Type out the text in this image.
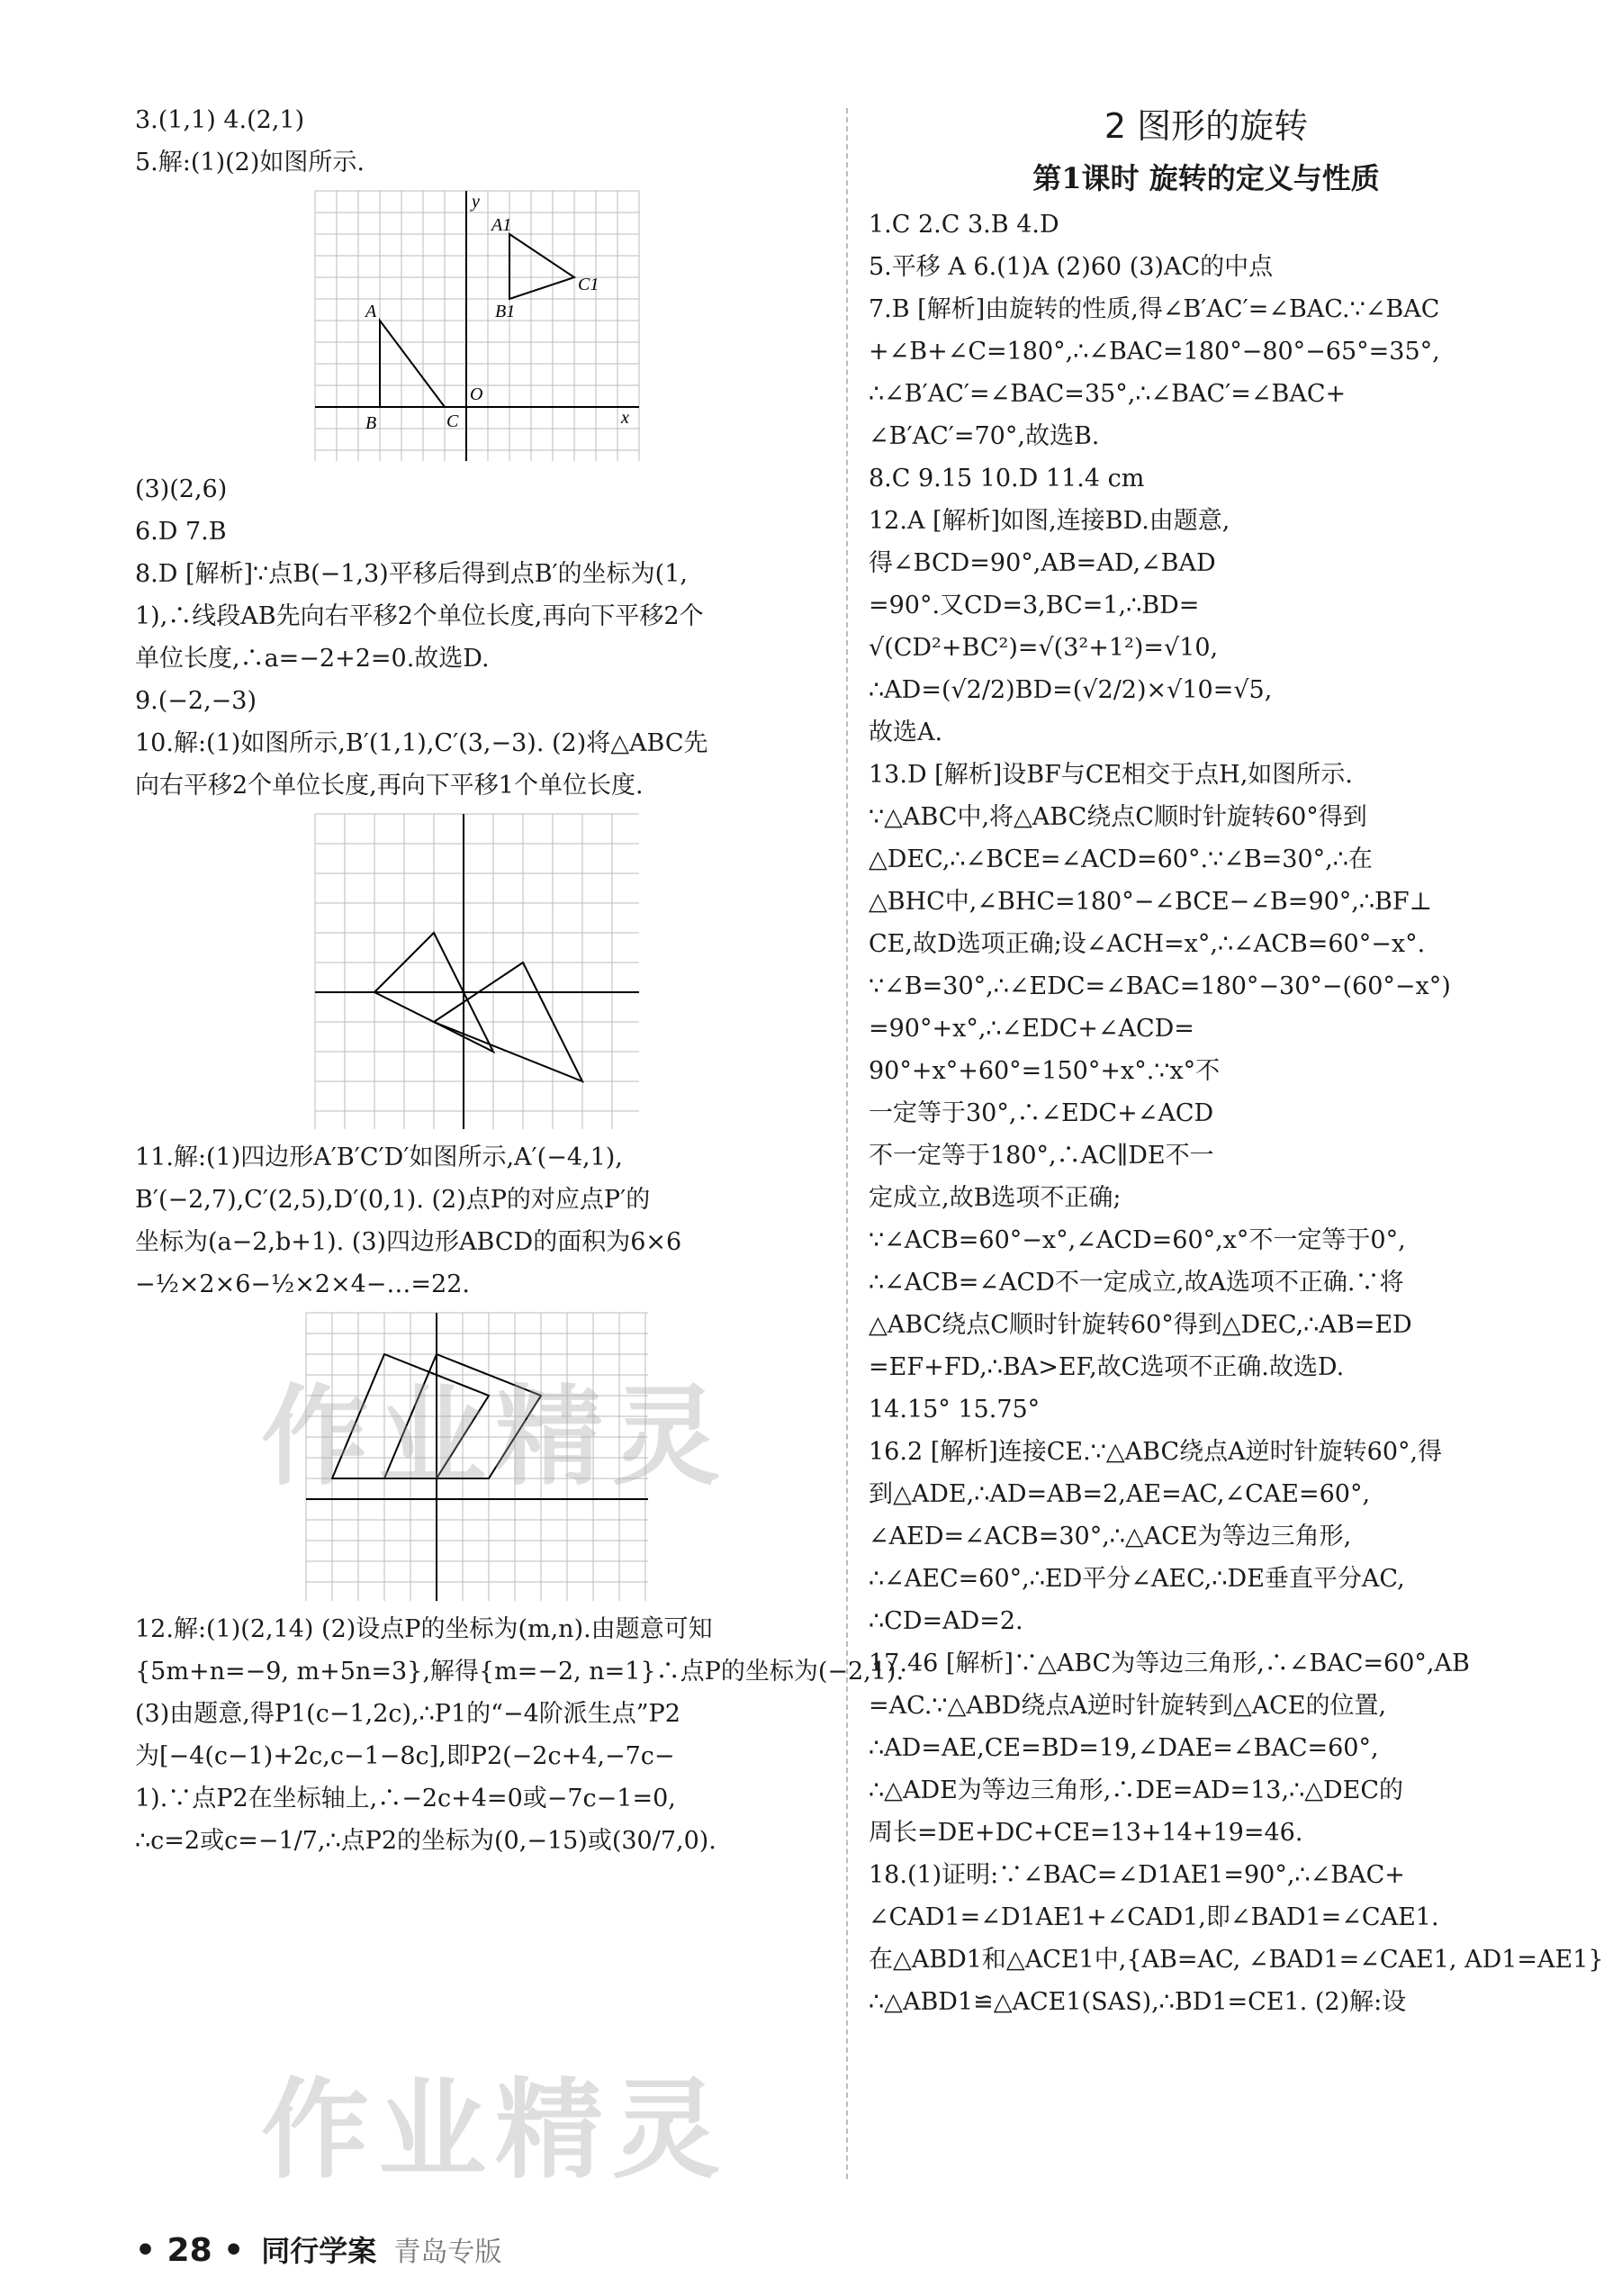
3.(1,1) 4.(2,1)
5.解:(1)(2)如图所示.
A
B	C
O
A1
B1
C1
x
y
(3)(2,6)
6.D 7.B
8.D [解析]∵点B(−1,3)平移后得到点B′的坐标为(1,
1),∴线段AB先向右平移2个单位长度,再向下平移2个
单位长度,∴a=−2+2=0.故选D.
9.(−2,−3)
10.解:(1)如图所示,B′(1,1),C′(3,−3). (2)将△ABC先
向右平移2个单位长度,再向下平移1个单位长度.
11.解:(1)四边形A′B′C′D′如图所示,A′(−4,1),
B′(−2,7),C′(2,5),D′(0,1). (2)点P的对应点P′的
坐标为(a−2,b+1). (3)四边形ABCD的面积为6×6
−½×2×6−½×2×4−…=22.
12.解:(1)(2,14) (2)设点P的坐标为(m,n).由题意可知
{5m+n=−9, m+5n=3},解得{m=−2, n=1}∴点P的坐标为(−2,1).
(3)由题意,得P1(c−1,2c),∴P1的“−4阶派生点”P2
为[−4(c−1)+2c,c−1−8c],即P2(−2c+4,−7c−
1).∵点P2在坐标轴上,∴−2c+4=0或−7c−1=0,
∴c=2或c=−1/7,∴点P2的坐标为(0,−15)或(30/7,0).
2 图形的旋转
第1课时 旋转的定义与性质
1.C 2.C 3.B 4.D
5.平移 A 6.(1)A (2)60 (3)AC的中点
7.B [解析]由旋转的性质,得∠B′AC′=∠BAC.∵∠BAC
+∠B+∠C=180°,∴∠BAC=180°−80°−65°=35°,
∴∠B′AC′=∠BAC=35°,∴∠BAC′=∠BAC+
∠B′AC′=70°,故选B.
8.C 9.15 10.D 11.4 cm
12.A [解析]如图,连接BD.由题意,
得∠BCD=90°,AB=AD,∠BAD
=90°.又CD=3,BC=1,∴BD=
√(CD²+BC²)=√(3²+1²)=√10,
∴AD=(√2/2)BD=(√2/2)×√10=√5,
故选A.
13.D [解析]设BF与CE相交于点H,如图所示.
∵△ABC中,将△ABC绕点C顺时针旋转60°得到
△DEC,∴∠BCE=∠ACD=60°.∵∠B=30°,∴在
△BHC中,∠BHC=180°−∠BCE−∠B=90°,∴BF⊥
CE,故D选项正确;设∠ACH=x°,∴∠ACB=60°−x°.
∵∠B=30°,∴∠EDC=∠BAC=180°−30°−(60°−x°)
=90°+x°,∴∠EDC+∠ACD=
90°+x°+60°=150°+x°.∵x°不
一定等于30°,∴∠EDC+∠ACD
不一定等于180°,∴AC∥DE不一
定成立,故B选项不正确;
∵∠ACB=60°−x°,∠ACD=60°,x°不一定等于0°,
∴∠ACB=∠ACD不一定成立,故A选项不正确.∵将
△ABC绕点C顺时针旋转60°得到△DEC,∴AB=ED
=EF+FD,∴BA>EF,故C选项不正确.故选D.
14.15° 15.75°
16.2 [解析]连接CE.∵△ABC绕点A逆时针旋转60°,得
到△ADE,∴AD=AB=2,AE=AC,∠CAE=60°,
∠AED=∠ACB=30°,∴△ACE为等边三角形,
∴∠AEC=60°,∴ED平分∠AEC,∴DE垂直平分AC,
∴CD=AD=2.
17.46 [解析]∵△ABC为等边三角形,∴∠BAC=60°,AB
=AC.∵△ABD绕点A逆时针旋转到△ACE的位置,
∴AD=AE,CE=BD=19,∠DAE=∠BAC=60°,
∴△ADE为等边三角形,∴DE=AD=13,∴△DEC的
周长=DE+DC+CE=13+14+19=46.
18.(1)证明:∵∠BAC=∠D1AE1=90°,∴∠BAC+
∠CAD1=∠D1AE1+∠CAD1,即∠BAD1=∠CAE1.
在△ABD1和△ACE1中,{AB=AC, ∠BAD1=∠CAE1, AD1=AE1}
∴△ABD1≌△ACE1(SAS),∴BD1=CE1. (2)解:设
作业精灵
作业精灵
• 28 • 同行学案 青岛专版
